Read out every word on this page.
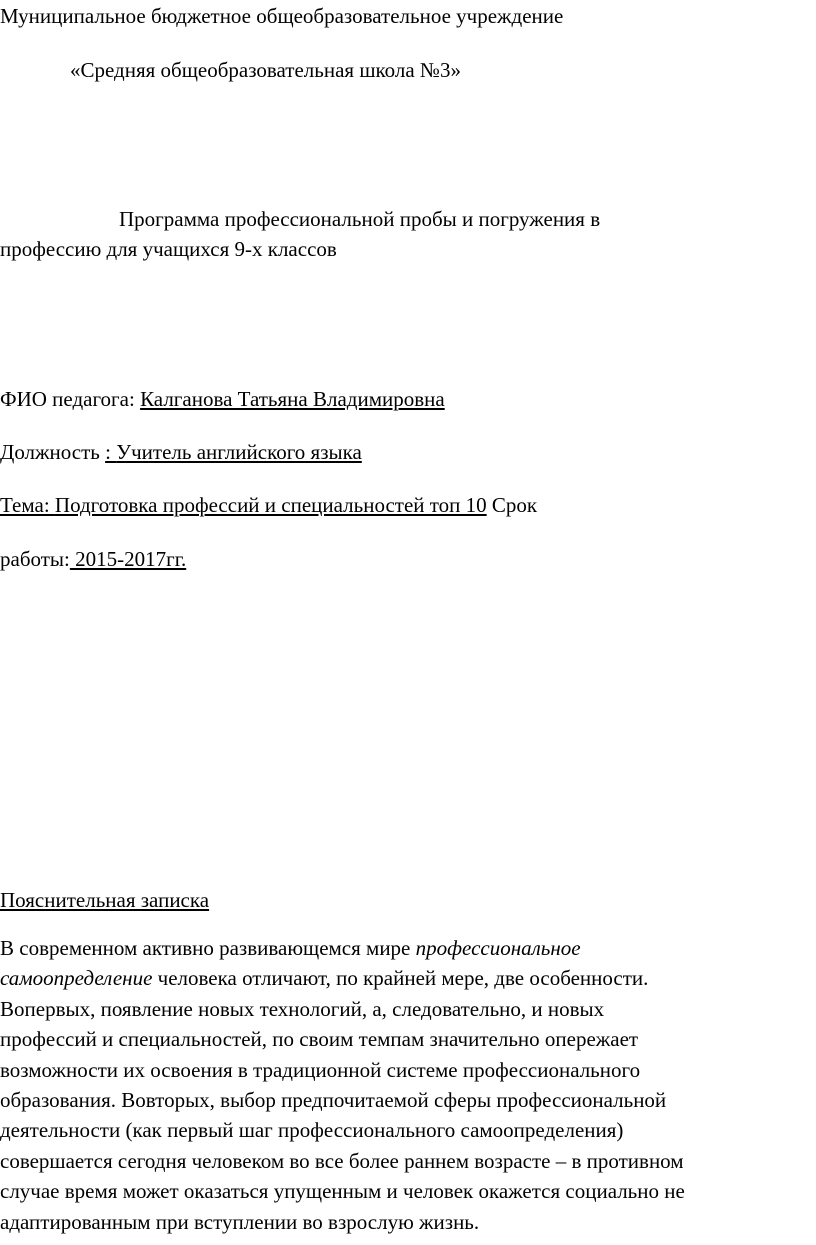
Муниципальное бюджетное общеобразовательное учреждение
«Средняя общеобразовательная школа №3»
Программа профессиональной пробы и погружения в
профессию для учащихся 9-х классов
ФИО педагога: Калганова Татьяна Владимировна
Должность : Учитель английского языка
Тема: Подготовка профессий и специальностей топ 10 Срок
работы: 2015-2017гг.
Пояснительная записка
В современном активно развивающемся мире профессиональное
самоопределение человека отличают, по крайней мере, две особенности.
Вопервых, появление новых технологий, а, следовательно, и новых
профессий и специальностей, по своим темпам значительно опережает
возможности их освоения в традиционной системе профессионального
образования. Вовторых, выбор предпочитаемой сферы профессиональной
деятельности (как первый шаг профессионального самоопределения)
совершается сегодня человеком во все более раннем возрасте – в противном
случае время может оказаться упущенным и человек окажется социально не
адаптированным при вступлении во взрослую жизнь.
